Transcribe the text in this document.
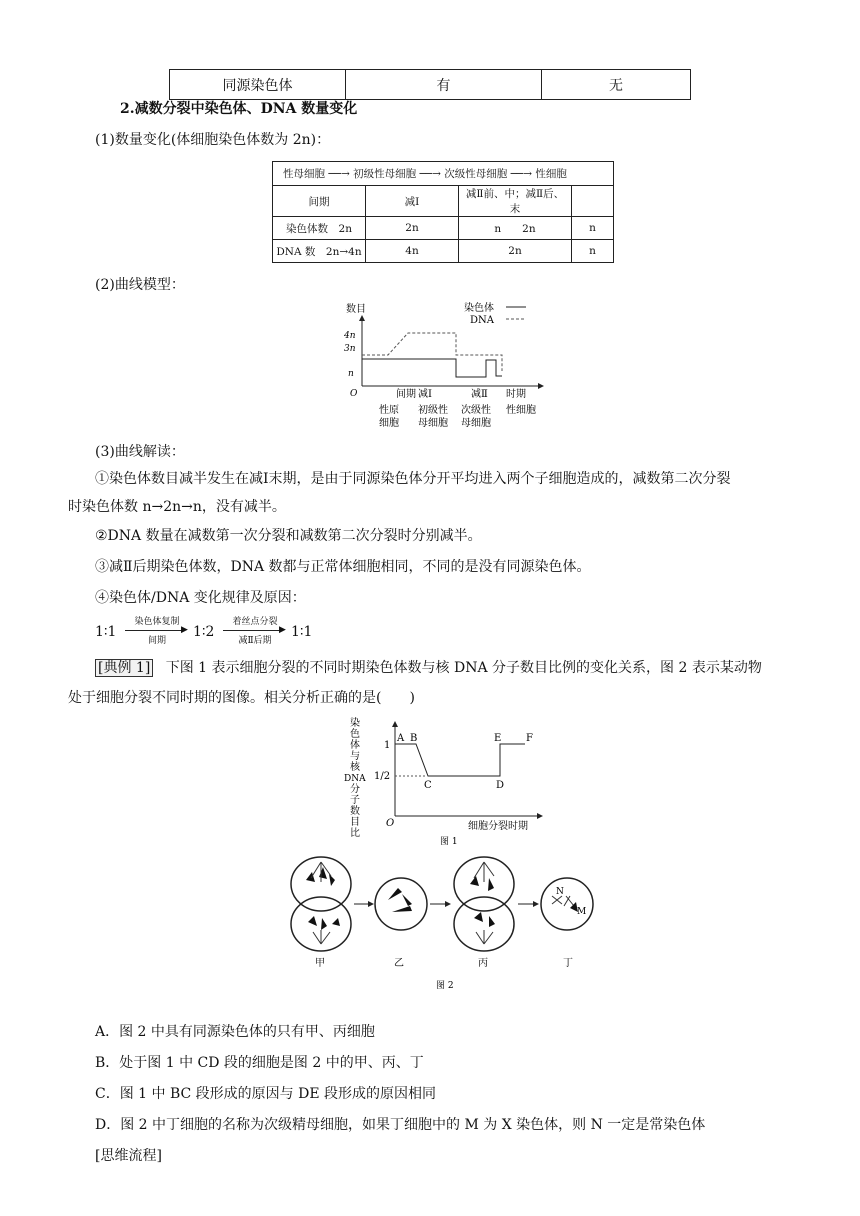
同源染色体	有	无
2.减数分裂中染色体、DNA 数量变化
(1)数量变化(体细胞染色体数为 2n)：
性母细胞 ──→ 初级性母细胞 ──→ 次级性母细胞 ──→ 性细胞			
间期	减Ⅰ	减Ⅱ前、中；减Ⅱ后、末	
染色体数　2n	2n	n　　2n	n
DNA 数　2n→4n	4n	2n	n
(2)曲线模型：
数目
4n
3n
n
O
染色体
DNA
间期 减Ⅰ	减Ⅱ 时期
性原
细胞
初级性
母细胞
次级性
母细胞
性细胞
(3)曲线解读：
①染色体数目减半发生在减Ⅰ末期，是由于同源染色体分开平均进入两个子细胞造成的，减数第二次分裂
时染色体数 n→2n→n，没有减半。
②DNA 数量在减数第一次分裂和减数第二次分裂时分别减半。
③减Ⅱ后期染色体数，DNA 数都与正常体细胞相同，不同的是没有同源染色体。
④染色体/DNA 变化规律及原因：
1∶1
染色体复制
▶
间期
1∶2
着丝点分裂
▶
减Ⅱ后期
1∶1
[典例 1] 下图 1 表示细胞分裂的不同时期染色体数与核 DNA 分子数目比例的变化关系，图 2 表示某动物
处于细胞分裂不同时期的图像。相关分析正确的是(　　)
染
色
体
与
核
DNA
分
子
数
目
比
1
1/2
A B
C	D
E F
O	细胞分裂时期
图 1
甲	乙	丙
N
M
丁
图 2
A．图 2 中具有同源染色体的只有甲、丙细胞
B．处于图 1 中 CD 段的细胞是图 2 中的甲、丙、丁
C．图 1 中 BC 段形成的原因与 DE 段形成的原因相同
D．图 2 中丁细胞的名称为次级精母细胞，如果丁细胞中的 M 为 X 染色体，则 N 一定是常染色体
[思维流程]
